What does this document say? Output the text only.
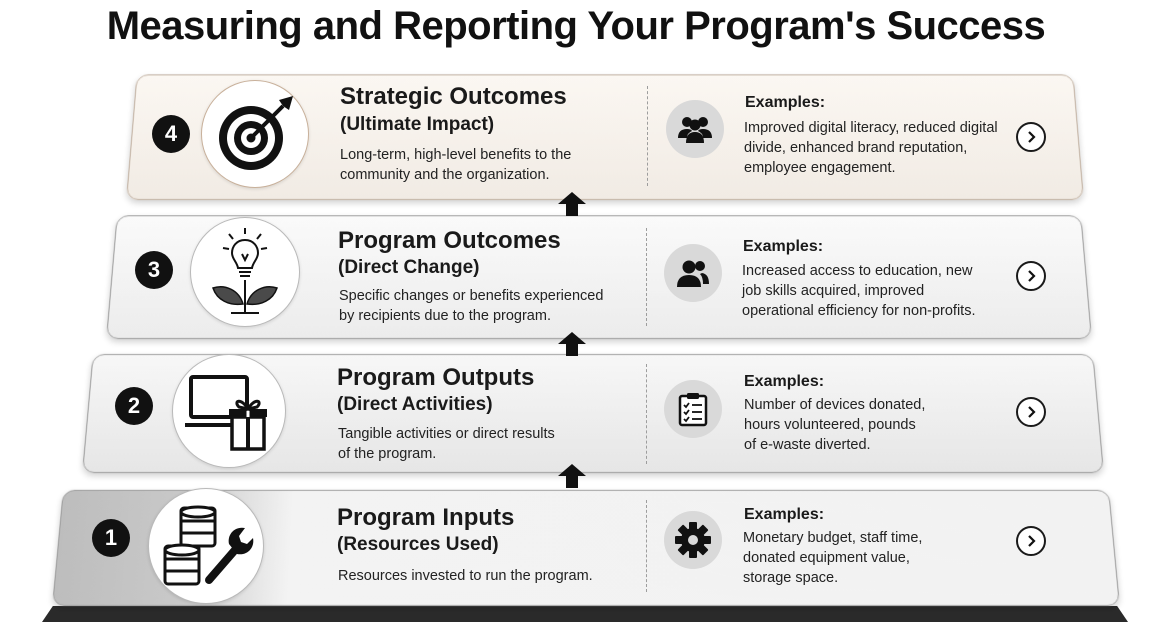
Measuring and Reporting Your Program's Success
4
Strategic Outcomes
(Ultimate Impact)
Long-term, high-level benefits to the
community and the organization.
Examples:
Improved digital literacy, reduced digital
divide, enhanced brand reputation,
employee engagement.
3
Program Outcomes
(Direct Change)
Specific changes or benefits experienced
by recipients due to the program.
Examples:
Increased access to education, new
job skills acquired, improved
operational efficiency for non-profits.
2
Program Outputs
(Direct Activities)
Tangible activities or direct results
of the program.
Examples:
Number of devices donated,
hours volunteered, pounds
of e-waste diverted.
1
Program Inputs
(Resources Used)
Resources invested to run the program.
Examples:
Monetary budget, staff time,
donated equipment value,
storage space.
